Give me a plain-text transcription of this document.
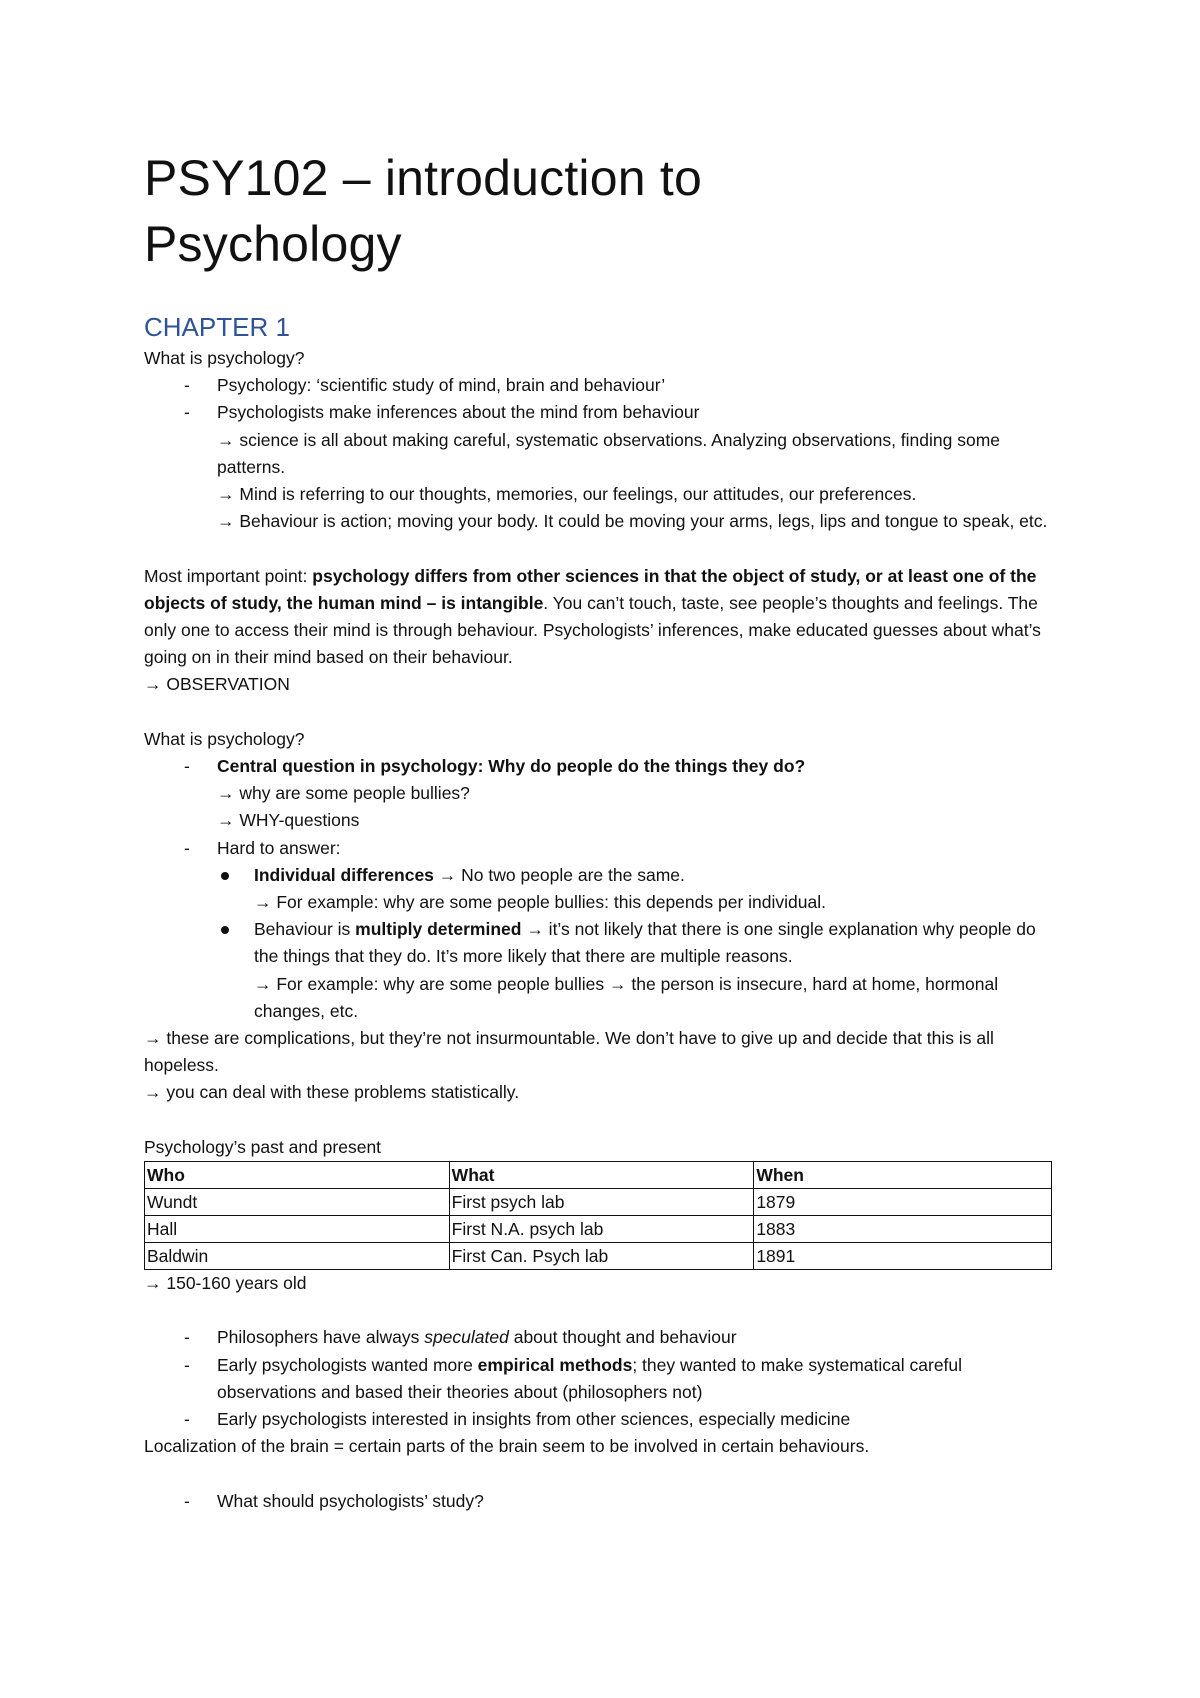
PSY102 – introduction to
Psychology
CHAPTER 1

What is psychology?

- Psychology: ‘scientific study of mind, brain and behaviour’
- Psychologists make inferences about the mind from behaviour
→ science is all about making careful, systematic observations. Analyzing observations, finding some patterns.
→ Mind is referring to our thoughts, memories, our feelings, our attitudes, our preferences.
→ Behaviour is action; moving your body. It could be moving your arms, legs, lips and tongue to speak, etc.

Most important point: psychology differs from other sciences in that the object of study, or at least one of the objects of study, the human mind – is intangible. You can’t touch, taste, see people’s thoughts and feelings. The only one to access their mind is through behaviour. Psychologists’ inferences, make educated guesses about what’s going on in their mind based on their behaviour.

→ OBSERVATION

What is psychology?

- Central question in psychology: Why do people do the things they do?
→ why are some people bullies?
→ WHY-questions
- Hard to answer:
Individual differences → No two people are the same.
→ For example: why are some people bullies: this depends per individual.
Behaviour is multiply determined → it’s not likely that there is one single explanation why people do the things that they do. It’s more likely that there are multiple reasons.
→ For example: why are some people bullies → the person is insecure, hard at home, hormonal changes, etc.

→ these are complications, but they’re not insurmountable. We don’t have to give up and decide that this is all hopeless.

→ you can deal with these problems statistically.

Psychology’s past and present

Who	What	When
Wundt	First psych lab	1879
Hall	First N.A. psych lab	1883
Baldwin	First Can. Psych lab	1891

→ 150-160 years old

- Philosophers have always speculated about thought and behaviour
- Early psychologists wanted more empirical methods; they wanted to make systematical careful observations and based their theories about (philosophers not)
- Early psychologists interested in insights from other sciences, especially medicine

Localization of the brain = certain parts of the brain seem to be involved in certain behaviours.

- What should psychologists’ study?
